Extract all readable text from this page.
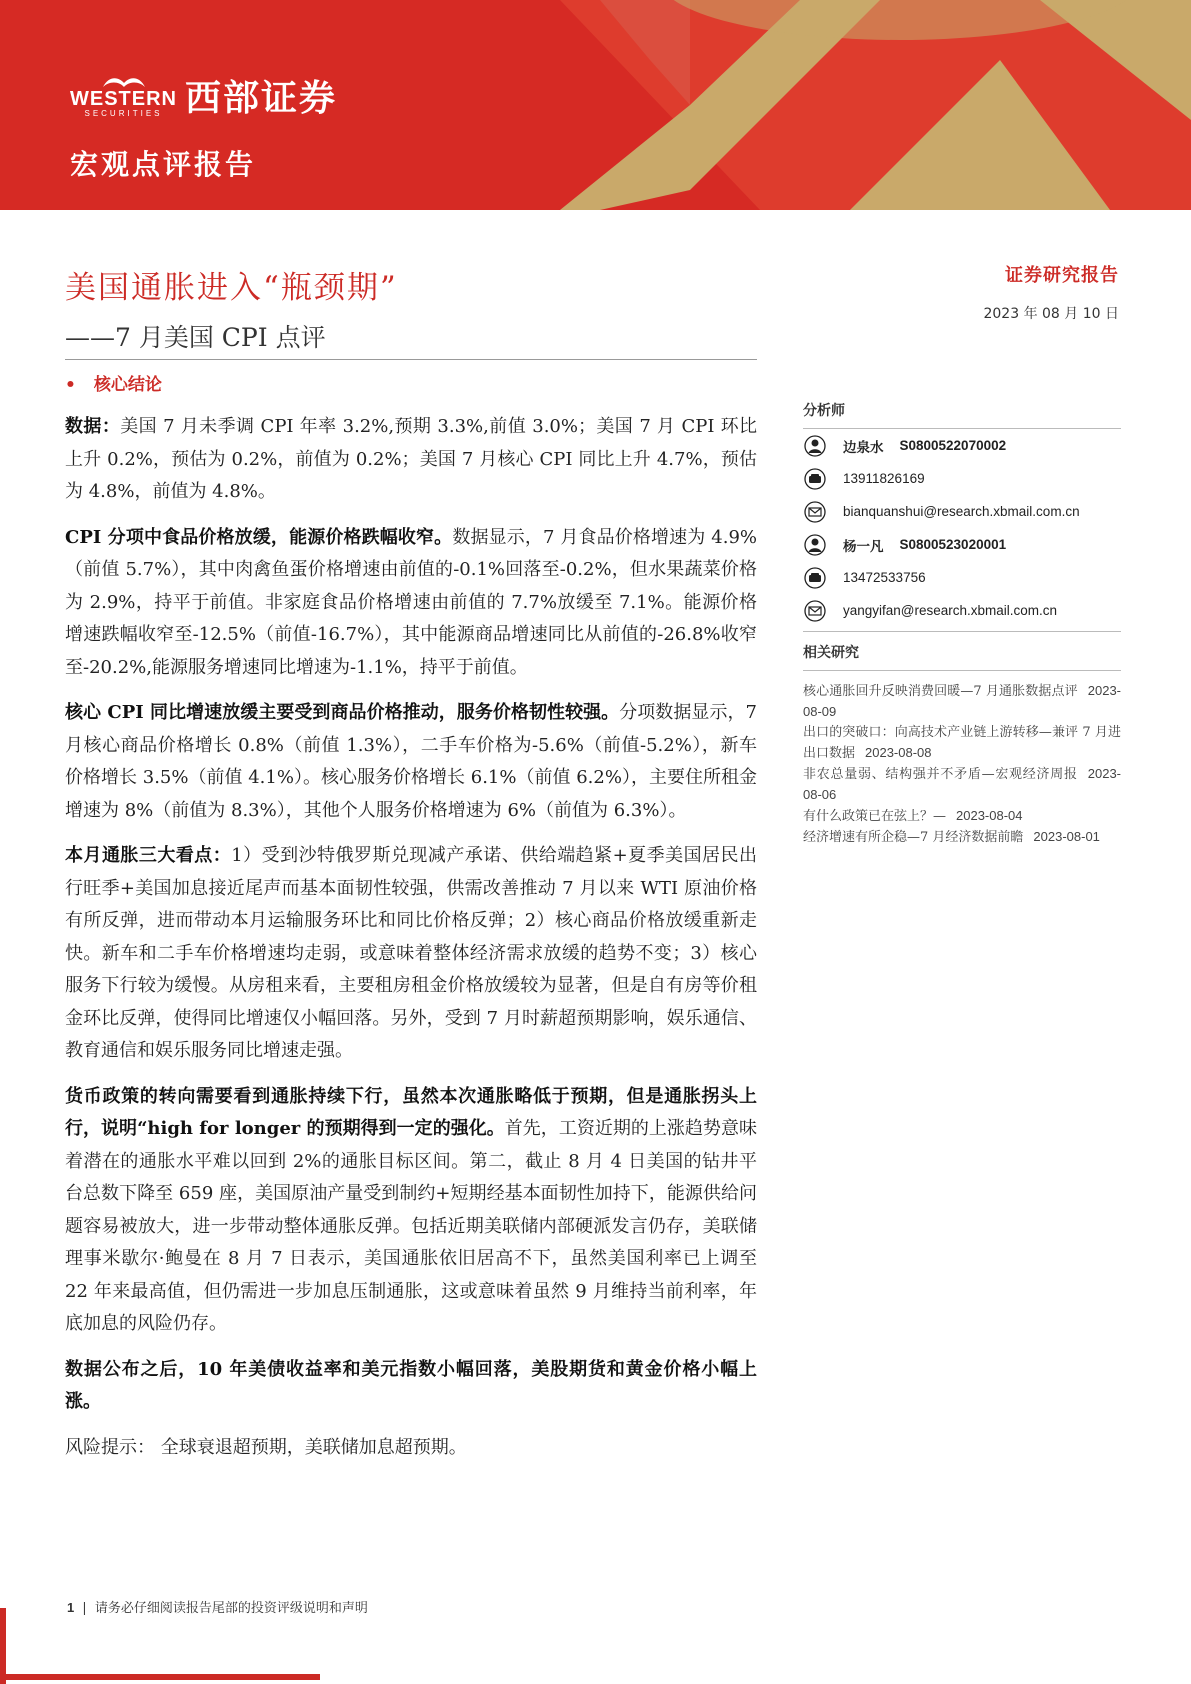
WESTERN
SECURITIES 西部证券
宏观点评报告
美国通胀进入“瓶颈期”
——7 月美国 CPI 点评
• 核心结论
证券研究报告
2023 年 08 月 10 日

数据：美国 7 月未季调 CPI 年率 3.2%,预期 3.3%,前值 3.0%；美国 7 月 CPI 环比上升 0.2%，预估为 0.2%，前值为 0.2%；美国 7 月核心 CPI 同比上升 4.7%，预估为 4.8%，前值为 4.8%。

CPI 分项中食品价格放缓，能源价格跌幅收窄。数据显示，7 月食品价格增速为 4.9%（前值 5.7%），其中肉禽鱼蛋价格增速由前值的-0.1%回落至-0.2%，但水果蔬菜价格为 2.9%，持平于前值。非家庭食品价格增速由前值的 7.7%放缓至 7.1%。能源价格增速跌幅收窄至-12.5%（前值-16.7%），其中能源商品增速同比从前值的-26.8%收窄至-20.2%,能源服务增速同比增速为-1.1%，持平于前值。

核心 CPI 同比增速放缓主要受到商品价格推动，服务价格韧性较强。分项数据显示，7 月核心商品价格增长 0.8%（前值 1.3%），二手车价格为-5.6%（前值-5.2%），新车价格增长 3.5%（前值 4.1%）。核心服务价格增长 6.1%（前值 6.2%），主要住所租金增速为 8%（前值为 8.3%），其他个人服务价格增速为 6%（前值为 6.3%）。

本月通胀三大看点：1）受到沙特俄罗斯兑现减产承诺、供给端趋紧+夏季美国居民出行旺季+美国加息接近尾声而基本面韧性较强，供需改善推动 7 月以来 WTI 原油价格有所反弹，进而带动本月运输服务环比和同比价格反弹；2）核心商品价格放缓重新走快。新车和二手车价格增速均走弱，或意味着整体经济需求放缓的趋势不变；3）核心服务下行较为缓慢。从房租来看，主要租房租金价格放缓较为显著，但是自有房等价租金环比反弹，使得同比增速仅小幅回落。另外，受到 7 月时薪超预期影响，娱乐通信、教育通信和娱乐服务同比增速走强。

货币政策的转向需要看到通胀持续下行，虽然本次通胀略低于预期，但是通胀拐头上行，说明“high for longer 的预期得到一定的强化。首先，工资近期的上涨趋势意味着潜在的通胀水平难以回到 2%的通胀目标区间。第二，截止 8 月 4 日美国的钻井平台总数下降至 659 座，美国原油产量受到制约+短期经基本面韧性加持下，能源供给问题容易被放大，进一步带动整体通胀反弹。包括近期美联储内部硬派发言仍存，美联储理事米歇尔·鲍曼在 8 月 7 日表示，美国通胀依旧居高不下，虽然美国利率已上调至 22 年来最高值，但仍需进一步加息压制通胀，这或意味着虽然 9 月维持当前利率，年底加息的风险仍存。

数据公布之后，10 年美债收益率和美元指数小幅回落，美股期货和黄金价格小幅上涨。

风险提示： 全球衰退超预期，美联储加息超预期。

分析师
边泉水 S0800522070002
13911826169
bianquanshui@research.xbmail.com.cn
杨一凡 S0800523020001
13472533756
yangyifan@research.xbmail.com.cn
相关研究
核心通胀回升反映消费回暖—7 月通胀数据点评 2023-08-09
出口的突破口：向高技术产业链上游转移—兼评 7 月进出口数据 2023-08-08
非农总量弱、结构强并不矛盾—宏观经济周报 2023-08-06
有什么政策已在弦上？— 2023-08-04
经济增速有所企稳—7 月经济数据前瞻 2023-08-01
1 | 请务必仔细阅读报告尾部的投资评级说明和声明
